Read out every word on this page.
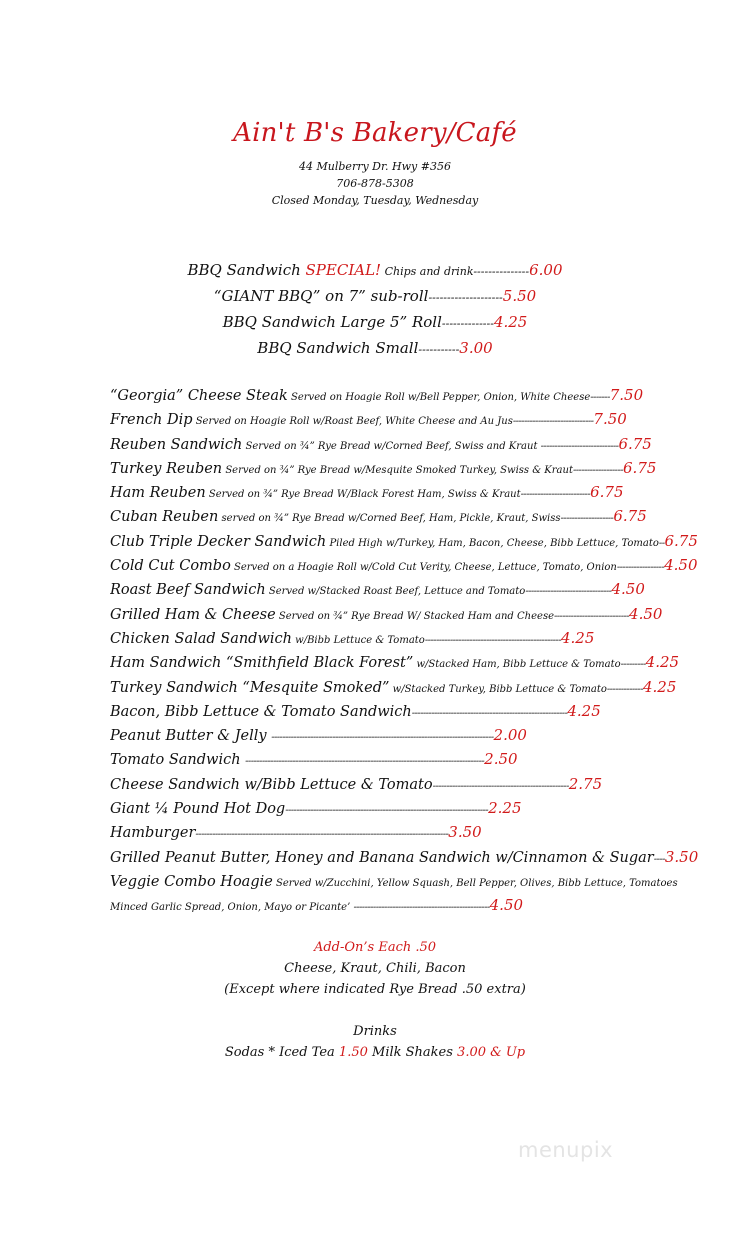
Ain't B's Bakery/Café
44 Mulberry Dr. Hwy #356
706-878-5308
Closed Monday, Tuesday, Wednesday
BBQ Sandwich SPECIAL! Chips and drink---------------6.00
“GIANT BBQ” on 7” sub-roll--------------------5.50
BBQ Sandwich Large 5” Roll--------------4.25
BBQ Sandwich Small-----------3.00
“Georgia” Cheese Steak Served on Hoagie Roll w/Bell Pepper, Onion, White Cheese-------7.50
French Dip Served on Hoagie Roll w/Roast Beef, White Cheese and Au Jus-----------------------------7.50
Reuben Sandwich Served on ¾” Rye Bread w/Corned Beef, Swiss and Kraut ----------------------------6.75
Turkey Reuben Served on ¾” Rye Bread w/Mesquite Smoked Turkey, Swiss & Kraut------------------6.75
Ham Reuben Served on ¾” Rye Bread W/Black Forest Ham, Swiss & Kraut-------------------------6.75
Cuban Reuben served on ¾” Rye Bread w/Corned Beef, Ham, Pickle, Kraut, Swiss-------------------6.75
Club Triple Decker Sandwich Piled High w/Turkey, Ham, Bacon, Cheese, Bibb Lettuce, Tomato--6.75
Cold Cut Combo Served on a Hoagie Roll w/Cold Cut Verity, Cheese, Lettuce, Tomato, Onion-----------------4.50
Roast Beef Sandwich Served w/Stacked Roast Beef, Lettuce and Tomato-------------------------------4.50
Grilled Ham & Cheese Served on ¾” Rye Bread W/ Stacked Ham and Cheese---------------------------4.50
Chicken Salad Sandwich w/Bibb Lettuce & Tomato-------------------------------------------------4.25
Ham Sandwich “Smithfield Black Forest” w/Stacked Ham, Bibb Lettuce & Tomato---------4.25
Turkey Sandwich “Mesquite Smoked” w/Stacked Turkey, Bibb Lettuce & Tomato-------------4.25
Bacon, Bibb Lettuce & Tomato Sandwich--------------------------------------------------------4.25
Peanut Butter & Jelly --------------------------------------------------------------------------------2.00
Tomato Sandwich --------------------------------------------------------------------------------------2.50
Cheese Sandwich w/Bibb Lettuce & Tomato-------------------------------------------------2.75
Giant ¼ Pound Hot Dog-------------------------------------------------------------------------2.25
Hamburger-------------------------------------------------------------------------------------------3.50
Grilled Peanut Butter, Honey and Banana Sandwich w/Cinnamon & Sugar----3.50
Veggie Combo Hoagie Served w/Zucchini, Yellow Squash, Bell Pepper, Olives, Bibb Lettuce, Tomatoes
Minced Garlic Spread, Onion, Mayo or Picante’ -------------------------------------------------4.50
Add-On’s Each .50
Cheese, Kraut, Chili, Bacon
(Except where indicated Rye Bread .50 extra)
Drinks
Sodas * Iced Tea 1.50 Milk Shakes 3.00 & Up
menupix
